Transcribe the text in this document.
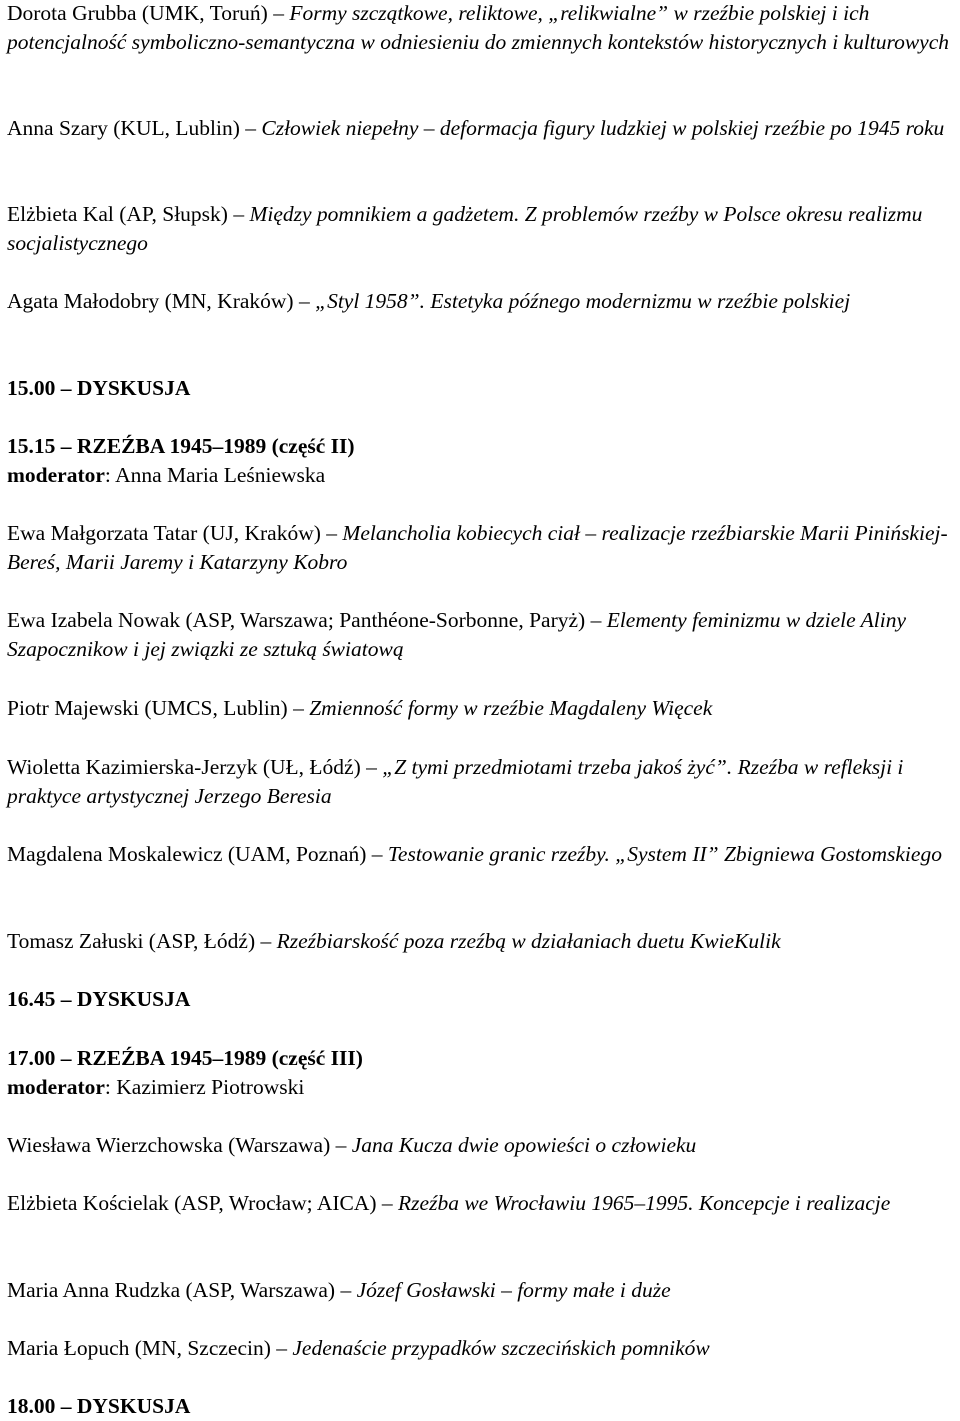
Dorota Grubba (UMK, Toruń) – Formy szczątkowe, reliktowe, „relikwialne” w rzeźbie polskiej i ich potencjalność symboliczno-semantyczna w odniesieniu do zmiennych kontekstów historycznych i kulturowych

Anna Szary (KUL, Lublin) – Człowiek niepełny – deformacja figury ludzkiej w polskiej rzeźbie po 1945 roku

Elżbieta Kal (AP, Słupsk) – Między pomnikiem a gadżetem. Z problemów rzeźby w Polsce okresu realizmu socjalistycznego

Agata Małodobry (MN, Kraków) – „Styl 1958”. Estetyka późnego modernizmu w rzeźbie polskiej

15.00 – DYSKUSJA

15.15 – RZEŹBA 1945–1989 (część II)
moderator: Anna Maria Leśniewska

Ewa Małgorzata Tatar (UJ, Kraków) – Melancholia kobiecych ciał – realizacje rzeźbiarskie Marii Pinińskiej-Bereś, Marii Jaremy i Katarzyny Kobro

Ewa Izabela Nowak (ASP, Warszawa; Panthéone-Sorbonne, Paryż) – Elementy feminizmu w dziele Aliny Szapocznikow i jej związki ze sztuką światową

Piotr Majewski (UMCS, Lublin) – Zmienność formy w rzeźbie Magdaleny Więcek

Wioletta Kazimierska-Jerzyk (UŁ, Łódź) – „Z tymi przedmiotami trzeba jakoś żyć”. Rzeźba w refleksji i praktyce artystycznej Jerzego Beresia

Magdalena Moskalewicz (UAM, Poznań) – Testowanie granic rzeźby. „System II” Zbigniewa Gostomskiego

Tomasz Załuski (ASP, Łódź) – Rzeźbiarskość poza rzeźbą w działaniach duetu KwieKulik

16.45 – DYSKUSJA

17.00 – RZEŹBA 1945–1989 (część III)
moderator: Kazimierz Piotrowski

Wiesława Wierzchowska (Warszawa) – Jana Kucza dwie opowieści o człowieku

Elżbieta Kościelak (ASP, Wrocław; AICA) – Rzeźba we Wrocławiu 1965–1995. Koncepcje i realizacje

Maria Anna Rudzka (ASP, Warszawa) – Józef Gosławski – formy małe i duże

Maria Łopuch (MN, Szczecin) – Jedenaście przypadków szczecińskich pomników

18.00 – DYSKUSJA
